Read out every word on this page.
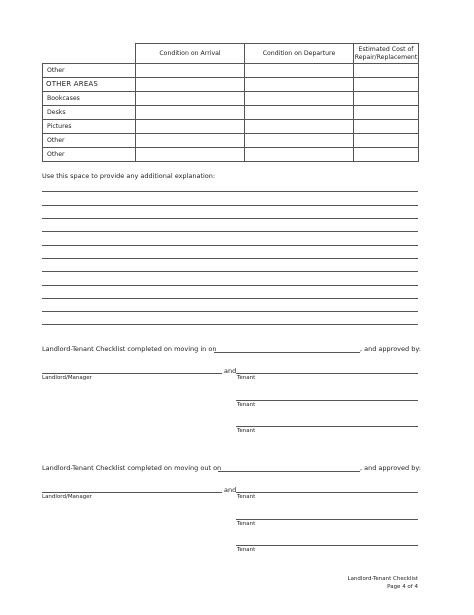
	Condition on Arrival	Condition on Departure	Estimated Cost of Repair/Replacement
Other			
OTHER AREAS			
Bookcases			
Desks			
Pictures			
Other			
Other			
Use this space to provide any additional explanation:
Landlord-Tenant Checklist completed on moving in on	, and approved by:
and
Landlord/Manager	Tenant
Tenant
Tenant
Landlord-Tenant Checklist completed on moving out on	, and approved by:
and
Landlord/Manager	Tenant
Tenant
Tenant
Landlord-Tenant Checklist
Page 4 of 4
